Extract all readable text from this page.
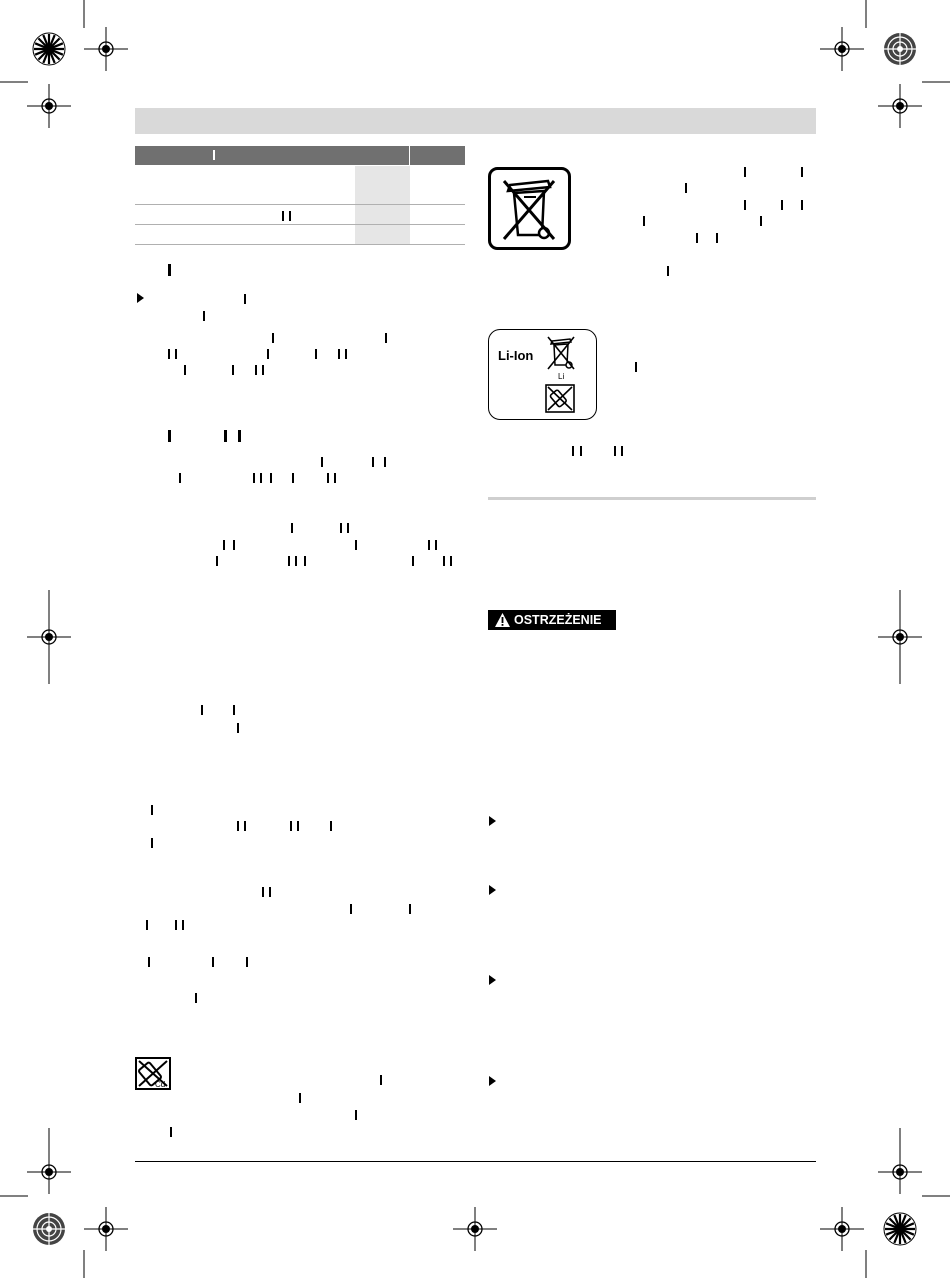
Cd
Li-Ion
Li
OSTRZEŻENIE
